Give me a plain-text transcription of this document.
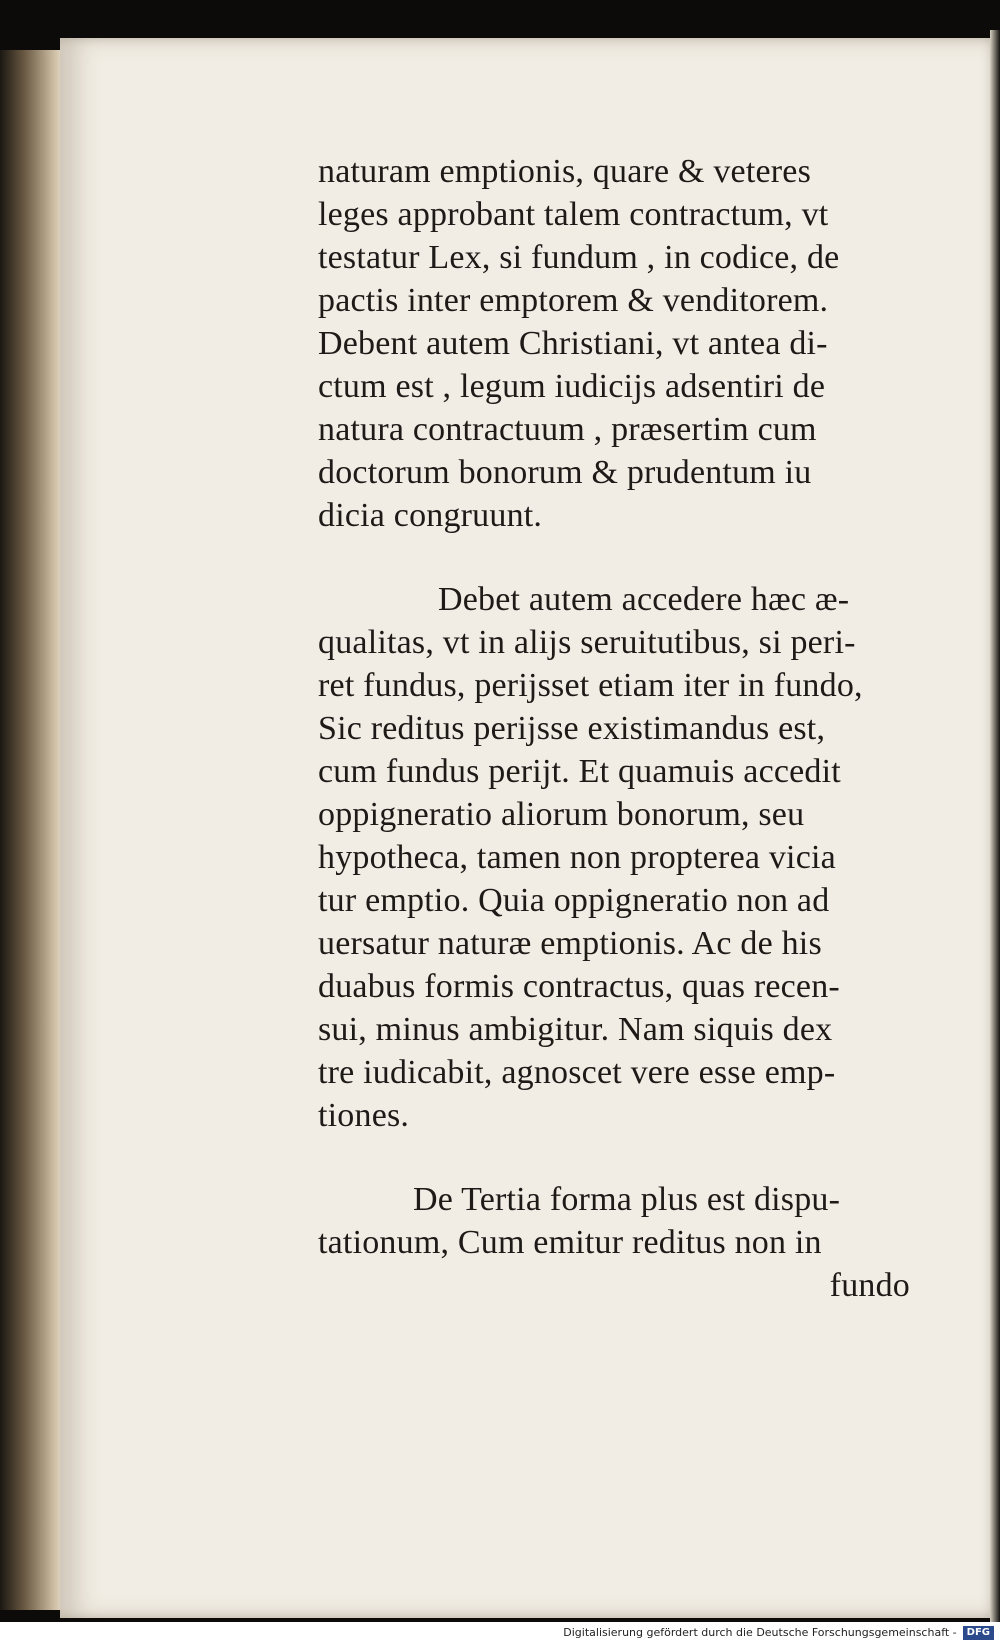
naturam emptionis, quare & veteres
leges approbant talem contractum, vt
testatur Lex, si fundum , in codice, de
pactis inter emptorem & venditorem.
Debent autem Christiani, vt antea di-
ctum est , legum iudicijs adsentiri de
natura contractuum , præsertim cum
doctorum bonorum & prudentum iu
dicia congruunt.

Debet autem accedere hæc æ-
qualitas, vt in alijs seruitutibus, si peri-
ret fundus, perijsset etiam iter in fundo,
Sic reditus perijsse existimandus est,
cum fundus perijt. Et quamuis accedit
oppigneratio aliorum bonorum, seu
hypotheca, tamen non propterea vicia
tur emptio. Quia oppigneratio non ad
uersatur naturæ emptionis. Ac de his
duabus formis contractus, quas recen-
sui, minus ambigitur. Nam siquis dex
tre iudicabit, agnoscet vere esse emp-
tiones.

De Tertia forma plus est dispu-
tationum, Cum emitur reditus non in
fundo

Digitalisierung gefördert durch die Deutsche Forschungsgemeinschaft -	DFG
